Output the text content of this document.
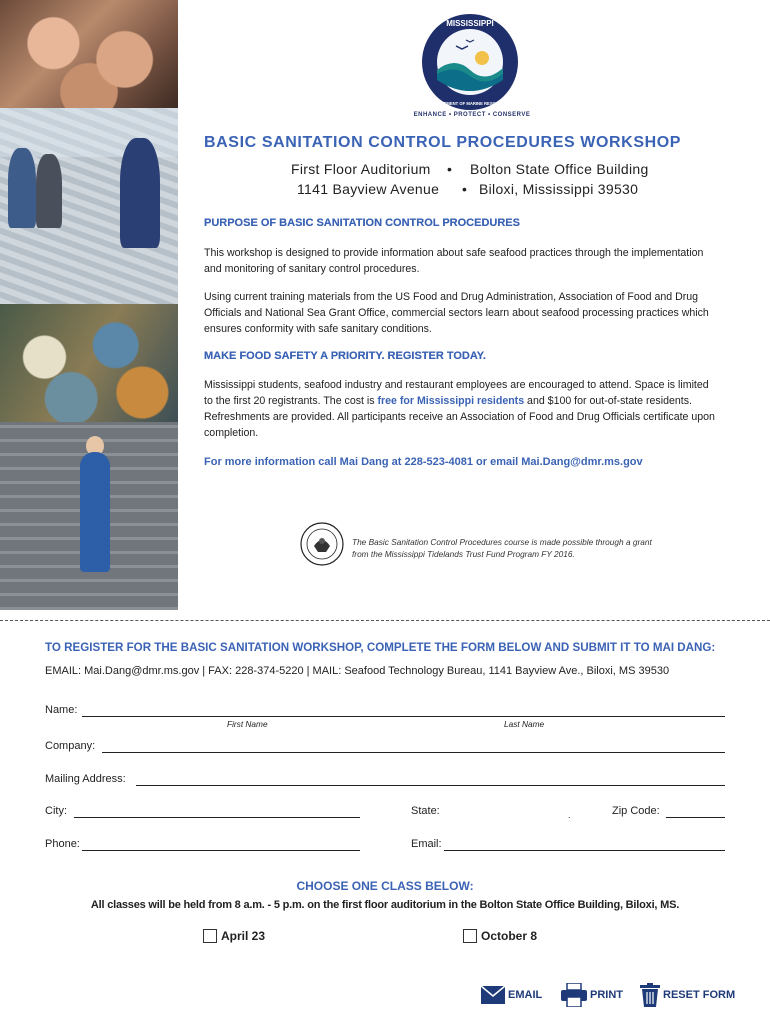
MISSISSIPPI
DEPARTMENT OF MARINE RESOURCES
ENHANCE • PROTECT • CONSERVE
BASIC SANITATION CONTROL PROCEDURES WORKSHOP
First Floor Auditorium • Bolton State Office Building
1141 Bayview Avenue • Biloxi, Mississippi 39530
PURPOSE OF BASIC SANITATION CONTROL PROCEDURES

This workshop is designed to provide information about safe seafood practices through the implementation and monitoring of sanitary control procedures.

Using current training materials from the US Food and Drug Administration, Association of Food and Drug Officials and National Sea Grant Office, commercial sectors learn about seafood processing practices which ensures conformity with safe sanitary conditions.

MAKE FOOD SAFETY A PRIORITY. REGISTER TODAY.

Mississippi students, seafood industry and restaurant employees are encouraged to attend. Space is limited to the first 20 registrants. The cost is free for Mississippi residents and $100 for out-of-state residents. Refreshments are provided. All participants receive an Association of Food and Drug Officials certificate upon completion.

For more information call Mai Dang at 228-523-4081 or email Mai.Dang@dmr.ms.gov

The Basic Sanitation Control Procedures course is made possible through a grant from the Mississippi Tidelands Trust Fund Program FY 2016.

TO REGISTER FOR THE BASIC SANITATION WORKSHOP, COMPLETE THE FORM BELOW AND SUBMIT IT TO MAI DANG:
EMAIL: Mai.Dang@dmr.ms.gov | FAX: 228-374-5220 | MAIL: Seafood Technology Bureau, 1141 Bayview Ave., Biloxi, MS 39530
Name:
First Name	Last Name
Company:
Mailing Address:
City:	State:	.	Zip Code:
Phone:	Email:
CHOOSE ONE CLASS BELOW:
All classes will be held from 8 a.m. - 5 p.m. on the first floor auditorium in the Bolton State Office Building, Biloxi, MS.
April 23	October 8
EMAIL	PRINT	RESET FORM
